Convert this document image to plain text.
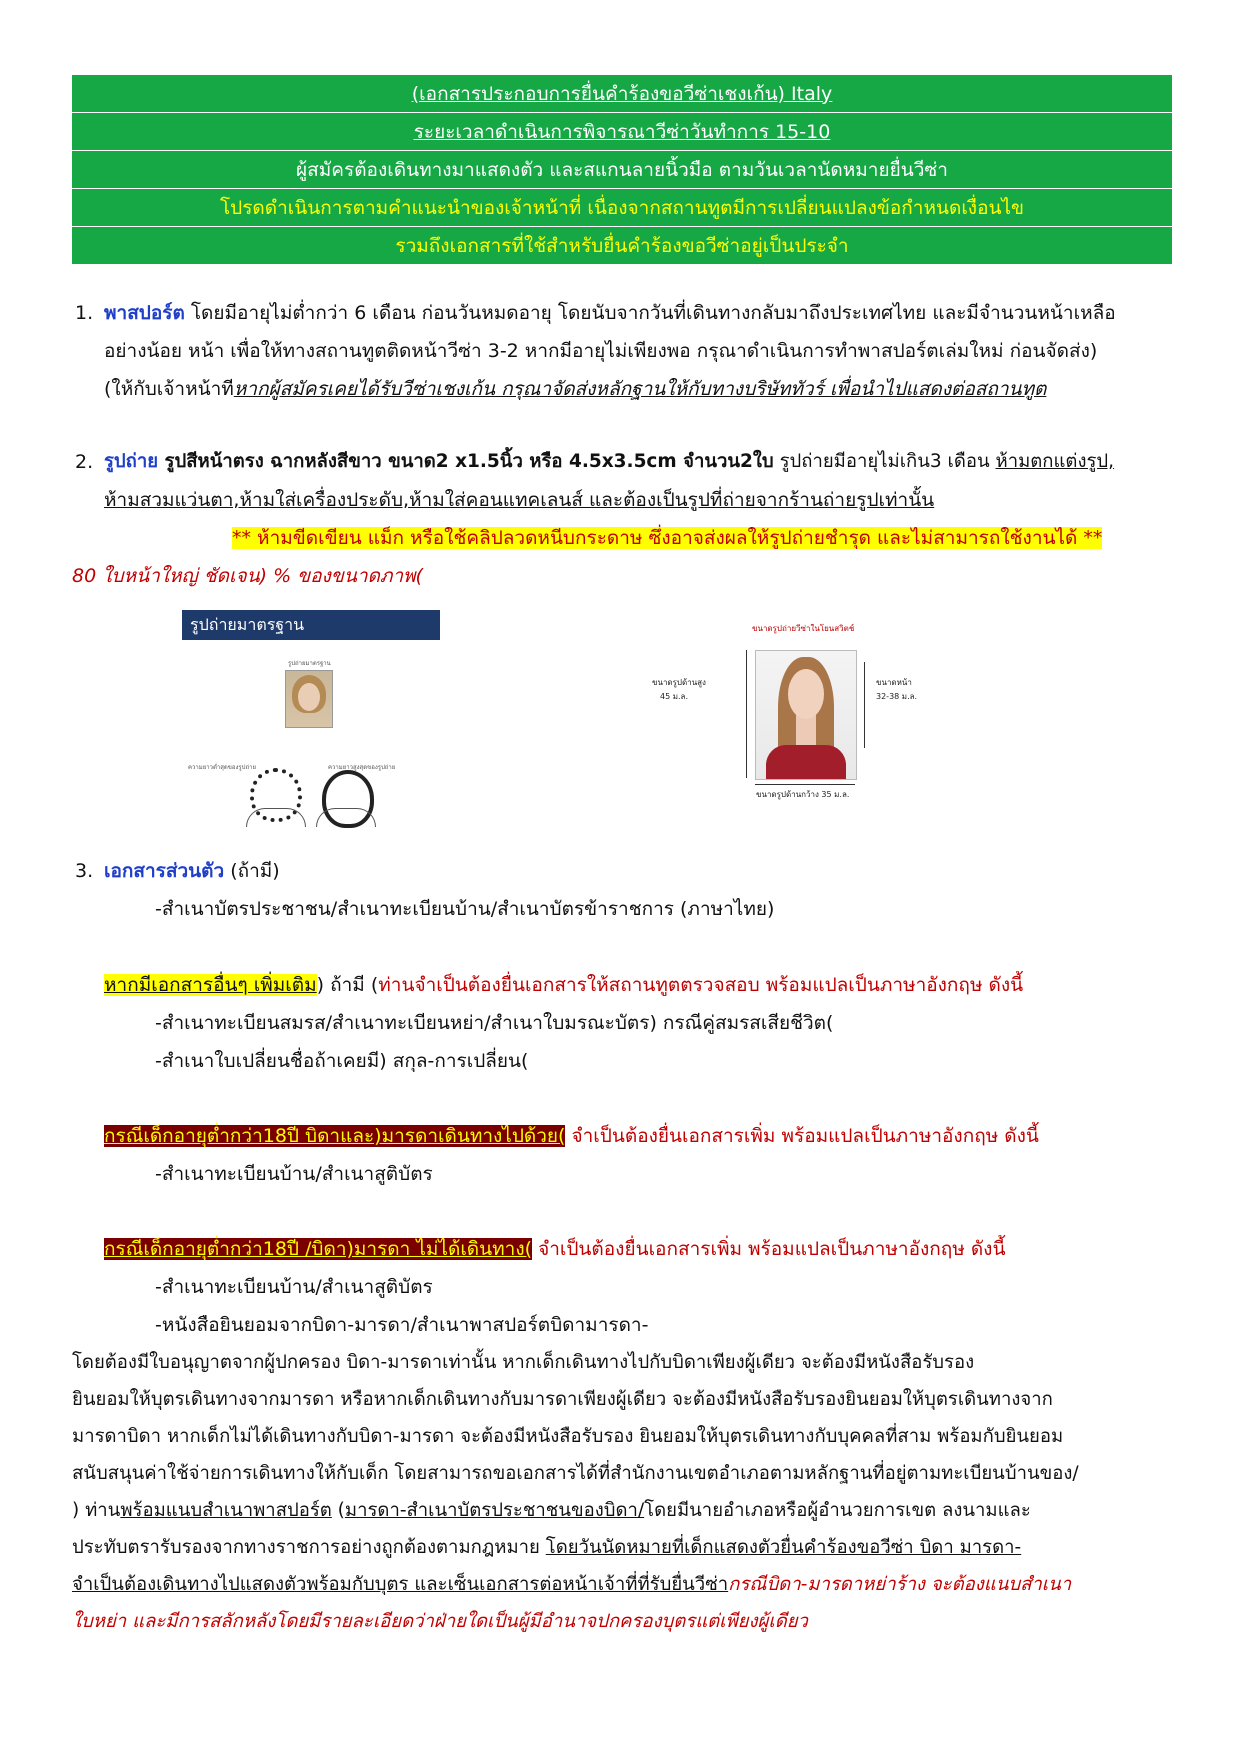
(เอกสารประกอบการยื่นคำร้องขอวีซ่าเชงเก้น) Italy
ระยะเวลาดำเนินการพิจารณาวีซ่าวันทำการ 15-10
ผู้สมัครต้องเดินทางมาแสดงตัว และสแกนลายนิ้วมือ ตามวันเวลานัดหมายยื่นวีซ่า
โปรดดำเนินการตามคำแนะนำของเจ้าหน้าที่ เนื่องจากสถานทูตมีการเปลี่ยนแปลงข้อกำหนดเงื่อนไข
รวมถึงเอกสารที่ใช้สำหรับยื่นคำร้องขอวีซ่าอยู่เป็นประจำ
1. พาสปอร์ต โดยมีอายุไม่ต่ำกว่า 6 เดือน ก่อนวันหมดอายุ โดยนับจากวันที่เดินทางกลับมาถึงประเทศไทย และมีจำนวนหน้าเหลือ
อย่างน้อย หน้า เพื่อให้ทางสถานทูตติดหน้าวีซ่า 3-2 หากมีอายุไม่เพียงพอ กรุณาดำเนินการทำพาสปอร์ตเล่มใหม่ ก่อนจัดส่ง)
(ให้กับเจ้าหน้าทีหากผู้สมัครเคยได้รับวีซ่าเชงเก้น กรุณาจัดส่งหลักฐานให้กับทางบริษัททัวร์ เพื่อนำไปแสดงต่อสถานทูต
2. รูปถ่าย รูปสีหน้าตรง ฉากหลังสีขาว ขนาด2 x1.5นิ้ว หรือ 4.5x3.5cm จำนวน2ใบ รูปถ่ายมีอายุไม่เกิน3 เดือน ห้ามตกแต่งรูป,
ห้ามสวมแว่นตา,ห้ามใส่เครื่องประดับ,ห้ามใส่คอนแทคเลนส์ และต้องเป็นรูปที่ถ่ายจากร้านถ่ายรูปเท่านั้น
** ห้ามขีดเขียน แม็ก หรือใช้คลิปลวดหนีบกระดาษ ซึ่งอาจส่งผลให้รูปถ่ายชำรุด และไม่สามารถใช้งานได้ **
80 ใบหน้าใหญ่ ชัดเจน) % ของขนาดภาพ(
รูปถ่ายมาตรฐาน
รูปถ่ายมาตรฐาน
ความยาวต่ำสุดของรูปถ่าย	ความยาวสูงสุดของรูปถ่าย
ขนาดรูปถ่ายวีซ่าในโยนสวิตช์
ขนาดรูปด้านสูง
45 ม.ล.
ขนาดหน้า
32-38 ม.ล.
ขนาดรูปด้านกว้าง 35 ม.ล.
3. เอกสารส่วนตัว (ถ้ามี)
-สำเนาบัตรประชาชน/สำเนาทะเบียนบ้าน/สำเนาบัตรข้าราชการ (ภาษาไทย)
หากมีเอกสารอื่นๆ เพิ่มเติม) ถ้ามี (ท่านจำเป็นต้องยื่นเอกสารให้สถานทูตตรวจสอบ พร้อมแปลเป็นภาษาอังกฤษ ดังนี้
-สำเนาทะเบียนสมรส/สำเนาทะเบียนหย่า/สำเนาใบมรณะบัตร) กรณีคู่สมรสเสียชีวิต(
-สำเนาใบเปลี่ยนชื่อถ้าเคยมี) สกุล-การเปลี่ยน(
กรณีเด็กอายุต่ำกว่า18ปี บิดาและ)มารดาเดินทางไปด้วย( จำเป็นต้องยื่นเอกสารเพิ่ม พร้อมแปลเป็นภาษาอังกฤษ ดังนี้
-สำเนาทะเบียนบ้าน/สำเนาสูติบัตร
กรณีเด็กอายุต่ำกว่า18ปี /บิดา)มารดา ไม่ได้เดินทาง( จำเป็นต้องยื่นเอกสารเพิ่ม พร้อมแปลเป็นภาษาอังกฤษ ดังนี้
-สำเนาทะเบียนบ้าน/สำเนาสูติบัตร
-หนังสือยินยอมจากบิดา-มารดา/สำเนาพาสปอร์ตบิดามารดา-
โดยต้องมีใบอนุญาตจากผู้ปกครอง บิดา-มารดาเท่านั้น หากเด็กเดินทางไปกับบิดาเพียงผู้เดียว จะต้องมีหนังสือรับรอง
ยินยอมให้บุตรเดินทางจากมารดา หรือหากเด็กเดินทางกับมารดาเพียงผู้เดียว จะต้องมีหนังสือรับรองยินยอมให้บุตรเดินทางจาก
มารดาบิดา หากเด็กไม่ได้เดินทางกับบิดา-มารดา จะต้องมีหนังสือรับรอง ยินยอมให้บุตรเดินทางกับบุคคลที่สาม พร้อมกับยินยอม
สนับสนุนค่าใช้จ่ายการเดินทางให้กับเด็ก โดยสามารถขอเอกสารได้ที่สำนักงานเขตอำเภอตามหลักฐานที่อยู่ตามทะเบียนบ้านของ/
) ท่านพร้อมแนบสำเนาพาสปอร์ต (มารดา-สำเนาบัตรประชาชนของบิดา/โดยมีนายอำเภอหรือผู้อำนวยการเขต ลงนามและ
ประทับตรารับรองจากทางราชการอย่างถูกต้องตามกฎหมาย โดยวันนัดหมายที่เด็กแสดงตัวยื่นคำร้องขอวีซ่า บิดา มารดา-
จำเป็นต้องเดินทางไปแสดงตัวพร้อมกับบุตร และเซ็นเอกสารต่อหน้าเจ้าที่ที่รับยื่นวีซ่ากรณีบิดา-มารดาหย่าร้าง จะต้องแนบสำเนา
ใบหย่า และมีการสลักหลังโดยมีรายละเอียดว่าฝ่ายใดเป็นผู้มีอำนาจปกครองบุตรแต่เพียงผู้เดียว
